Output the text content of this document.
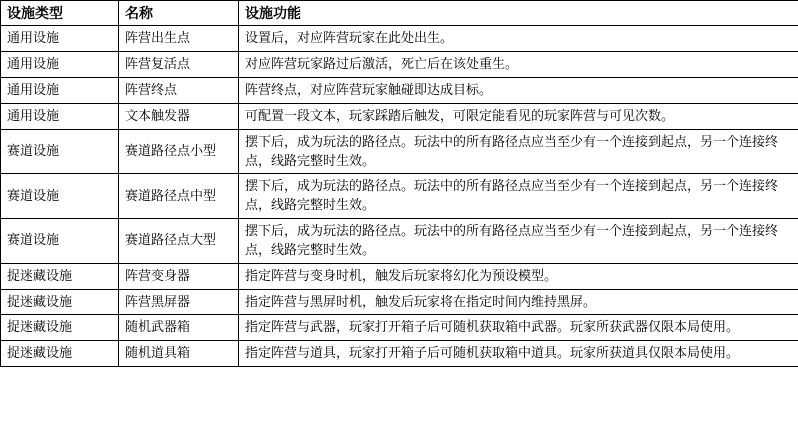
设施类型	名称	设施功能
通用设施	阵营出生点	设置后，对应阵营玩家在此处出生。
通用设施	阵营复活点	对应阵营玩家路过后激活，死亡后在该处重生。
通用设施	阵营终点	阵营终点，对应阵营玩家触碰即达成目标。
通用设施	文本触发器	可配置一段文本，玩家踩踏后触发，可限定能看见的玩家阵营与可见次数。
赛道设施	赛道路径点小型	摆下后，成为玩法的路径点。玩法中的所有路径点应当至少有一个连接到起点，另一个连接终点，线路完整时生效。
赛道设施	赛道路径点中型	摆下后，成为玩法的路径点。玩法中的所有路径点应当至少有一个连接到起点，另一个连接终点，线路完整时生效。
赛道设施	赛道路径点大型	摆下后，成为玩法的路径点。玩法中的所有路径点应当至少有一个连接到起点，另一个连接终点，线路完整时生效。
捉迷藏设施	阵营变身器	指定阵营与变身时机，触发后玩家将幻化为预设模型。
捉迷藏设施	阵营黑屏器	指定阵营与黑屏时机，触发后玩家将在指定时间内维持黑屏。
捉迷藏设施	随机武器箱	指定阵营与武器，玩家打开箱子后可随机获取箱中武器。玩家所获武器仅限本局使用。
捉迷藏设施	随机道具箱	指定阵营与道具，玩家打开箱子后可随机获取箱中道具。玩家所获道具仅限本局使用。
